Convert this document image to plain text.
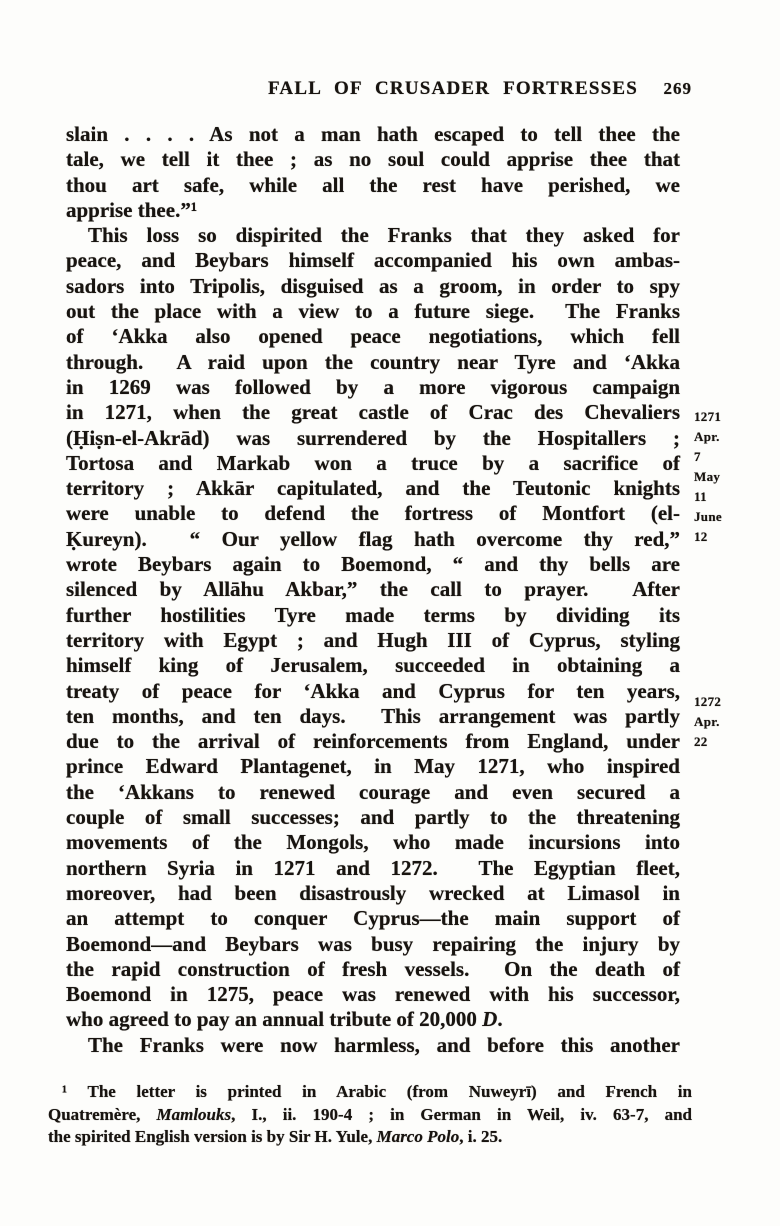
FALL OF CRUSADER FORTRESSES 269
slain . . . . As not a man hath escaped to tell thee the
tale, we tell it thee ; as no soul could apprise thee that
thou art safe, while all the rest have perished, we
apprise thee.”¹
This loss so dispirited the Franks that they asked for
peace, and Beybars himself accompanied his own ambas-
sadors into Tripolis, disguised as a groom, in order to spy
out the place with a view to a future siege.  The Franks
of ‘Akka also opened peace negotiations, which fell
through.  A raid upon the country near Tyre and ‘Akka
in 1269 was followed by a more vigorous campaign
in 1271, when the great castle of Crac des Chevaliers
(Ḥiṣn-el-Akrād) was surrendered by the Hospitallers ;
Tortosa and Markab won a truce by a sacrifice of
territory ; Akkār capitulated, and the Teutonic knights
were unable to defend the fortress of Montfort (el-
Ḳureyn).  “ Our yellow flag hath overcome thy red,”
wrote Beybars again to Boemond, “ and thy bells are
silenced by Allāhu Akbar,” the call to prayer.  After
further hostilities Tyre made terms by dividing its
territory with Egypt ; and Hugh III of Cyprus, styling
himself king of Jerusalem, succeeded in obtaining a
treaty of peace for ‘Akka and Cyprus for ten years,
ten months, and ten days.  This arrangement was partly
due to the arrival of reinforcements from England, under
prince Edward Plantagenet, in May 1271, who inspired
the ‘Akkans to renewed courage and even secured a
couple of small successes; and partly to the threatening
movements of the Mongols, who made incursions into
northern Syria in 1271 and 1272.  The Egyptian fleet,
moreover, had been disastrously wrecked at Limasol in
an attempt to conquer Cyprus—the main support of
Boemond—and Beybars was busy repairing the injury by
the rapid construction of fresh vessels.  On the death of
Boemond in 1275, peace was renewed with his successor,
who agreed to pay an annual tribute of 20,000 D.
The Franks were now harmless, and before this another
1271
Apr.
7
May
11
June
12
1272
Apr.
22
¹ The letter is printed in Arabic (from Nuweyrī) and French in
Quatremère, Mamlouks, I., ii. 190-4 ; in German in Weil, iv. 63-7, and
the spirited English version is by Sir H. Yule, Marco Polo, i. 25.
